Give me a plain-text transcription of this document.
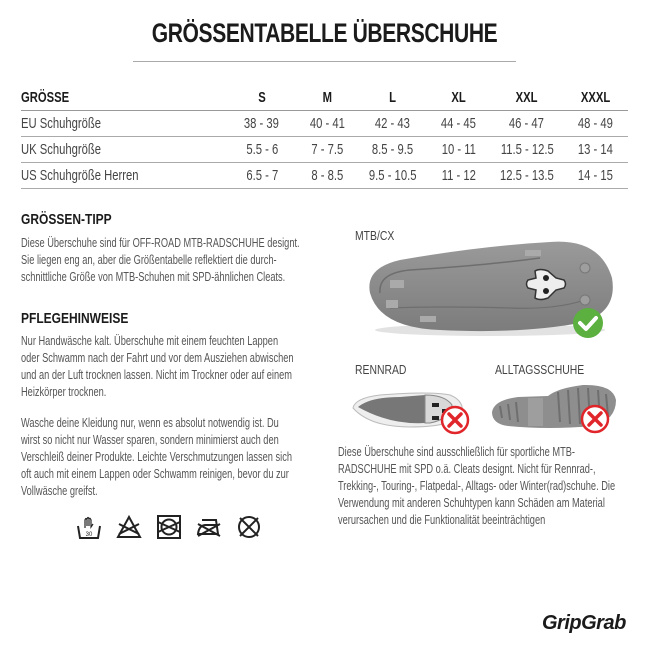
GRÖSSENTABELLE ÜBERSCHUHE
GRÖSSE	S	M	L	XL	XXL	XXXL
EU Schuhgröße	38 - 39	40 - 41	42 - 43	44 - 45	46 - 47	48 - 49
UK Schuhgröße	5.5 - 6	7 - 7.5	8.5 - 9.5	10 - 11	11.5 - 12.5	13 - 14
US Schuhgröße Herren	6.5 - 7	8 - 8.5	9.5 - 10.5	11 - 12	12.5 - 13.5	14 - 15
GRÖSSEN-TIPP
Diese Überschuhe sind für OFF-ROAD MTB-RADSCHUHE designt.
Sie liegen eng an, aber die Größentabelle reflektiert die durch-
schnittliche Größe von MTB-Schuhen mit SPD-ähnlichen Cleats.
PFLEGEHINWEISE
Nur Handwäsche kalt. Überschuhe mit einem feuchten Lappen
oder Schwamm nach der Fahrt und vor dem Ausziehen abwischen
und an der Luft trocknen lassen. Nicht im Trockner oder auf einem
Heizkörper trocknen.
Wasche deine Kleidung nur, wenn es absolut notwendig ist. Du
wirst so nicht nur Wasser sparen, sondern minimierst auch den
Verschleiß deiner Produkte. Leichte Verschmutzungen lassen sich
oft auch mit einem Lappen oder Schwamm reinigen, bevor du zur
Vollwäsche greifst.
30
MTB/CX
RENNRAD	ALLTAGSSCHUHE
Diese Überschuhe sind ausschließlich für sportliche MTB-
RADSCHUHE mit SPD o.ä. Cleats designt. Nicht für Rennrad-,
Trekking-, Touring-, Flatpedal-, Alltags- oder Winter(rad)schuhe. Die
Verwendung mit anderen Schuhtypen kann Schäden am Material
verursachen und die Funktionalität beeinträchtigen
GripGrab
